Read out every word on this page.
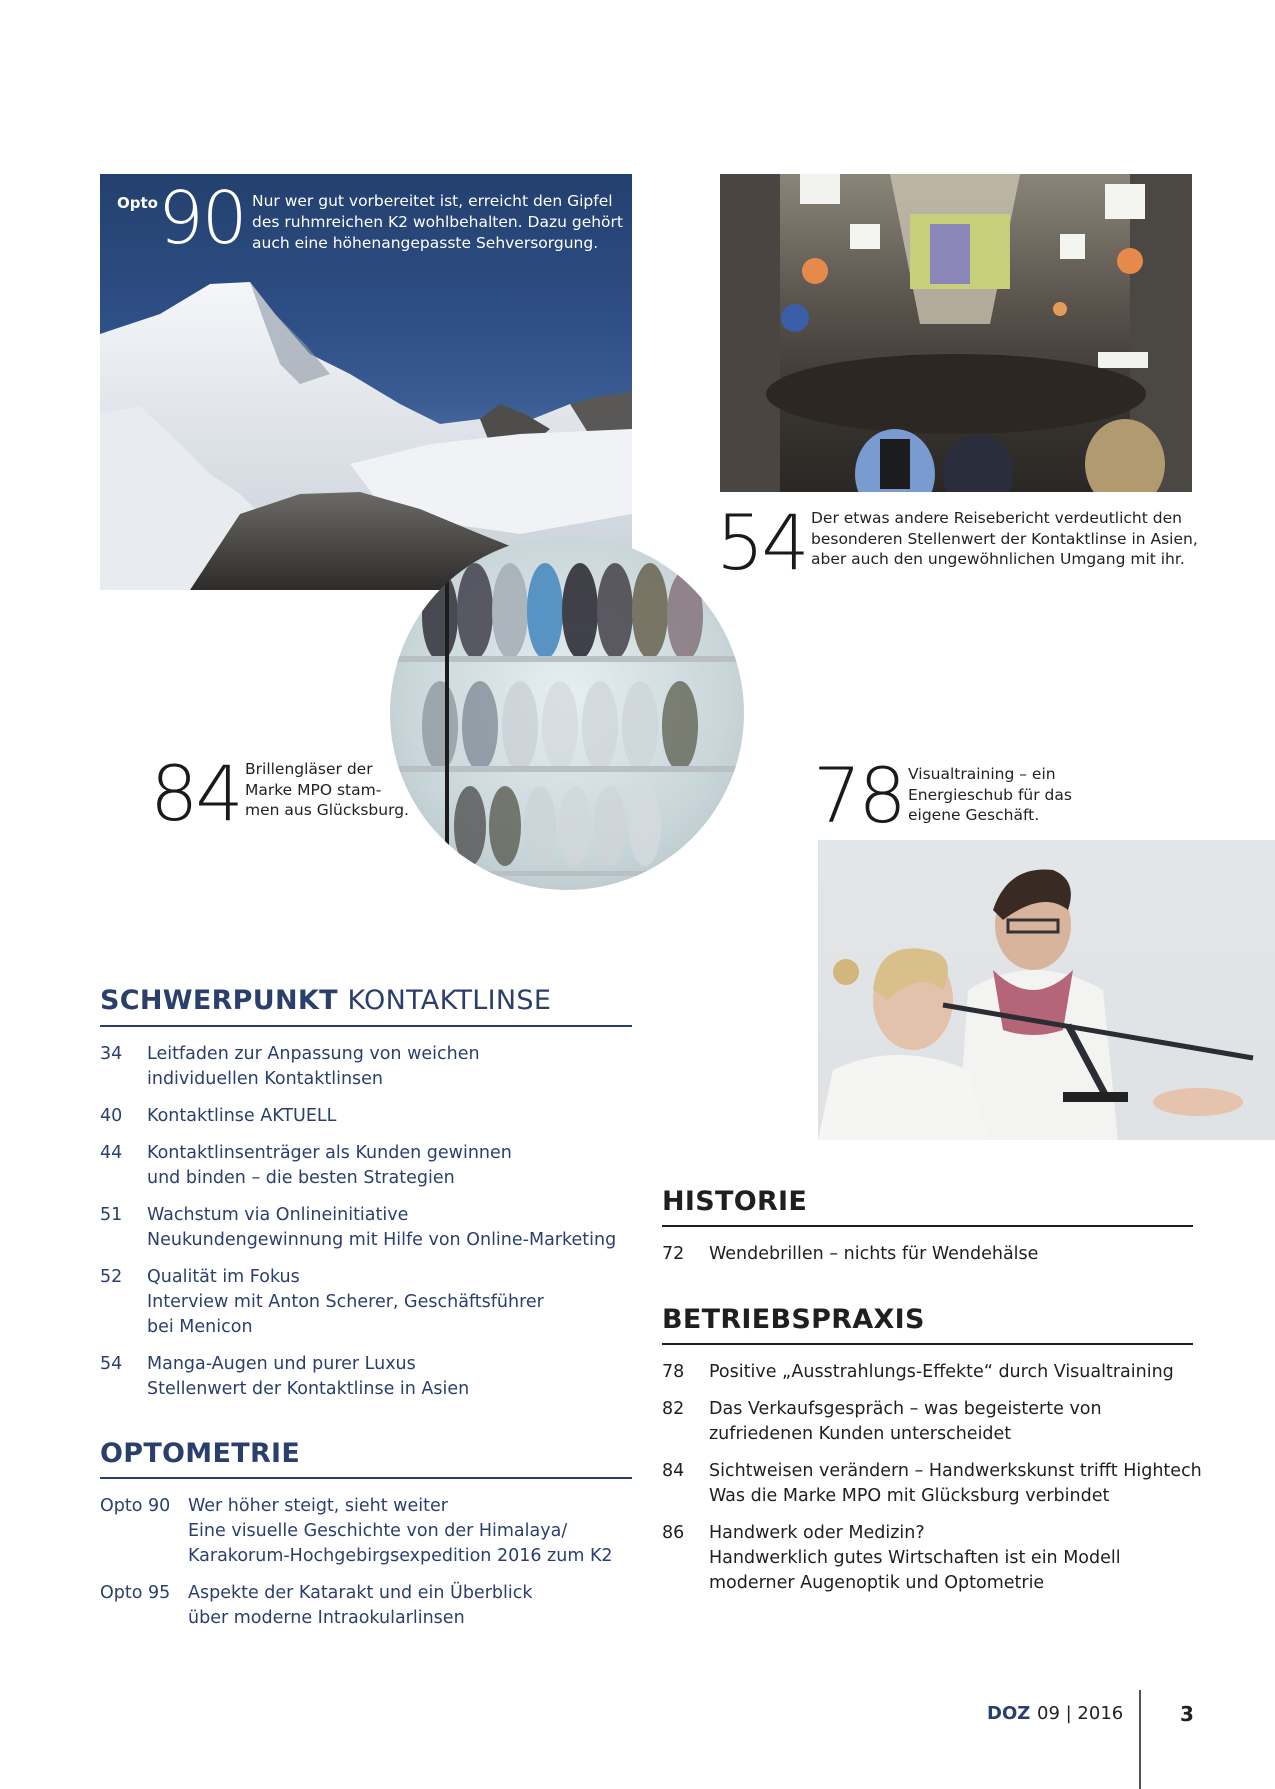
Opto 90 Nur wer gut vorbereitet ist, erreicht den Gipfel des ruhmreichen K2 wohlbehalten. Dazu gehört auch eine höhenangepasste Sehversorgung.
54 Der etwas andere Reisebericht verdeutlicht den
besonderen Stellenwert der Kontaktlinse in Asien,
aber auch den ungewöhnlichen Umgang mit ihr.
84 Brillengläser der
Marke MPO stam-
men aus Glücksburg.	78 Visualtraining – ein
Energieschub für das
eigene Geschäft.
SCHWERPUNKT KONTAKTLINSE
34	Leitfaden zur Anpassung von weichen
individuellen Kontaktlinsen
40	Kontaktlinse AKTUELL
44	Kontaktlinsenträger als Kunden gewinnen
und binden – die besten Strategien
51	Wachstum via Onlineinitiative
Neukundengewinnung mit Hilfe von Online-Marketing
52	Qualität im Fokus
Interview mit Anton Scherer, Geschäftsführer
bei Menicon
54	Manga-Augen und purer Luxus
Stellenwert der Kontaktlinse in Asien
OPTOMETRIE
Opto 90	Wer höher steigt, sieht weiter
Eine visuelle Geschichte von der Himalaya/
Karakorum-Hochgebirgsexpedition 2016 zum K2
Opto 95	Aspekte der Katarakt und ein Überblick
über moderne Intraokularlinsen
HISTORIE
72	Wendebrillen – nichts für Wendehälse
BETRIEBSPRAXIS
78	Positive „Ausstrahlungs-Effekte“ durch Visualtraining
82	Das Verkaufsgespräch – was begeisterte von
zufriedenen Kunden unterscheidet
84	Sichtweisen verändern – Handwerkskunst trifft Hightech
Was die Marke MPO mit Glücksburg verbindet
86	Handwerk oder Medizin?
Handwerklich gutes Wirtschaften ist ein Modell
moderner Augenoptik und Optometrie
DOZ 09 | 2016	3
